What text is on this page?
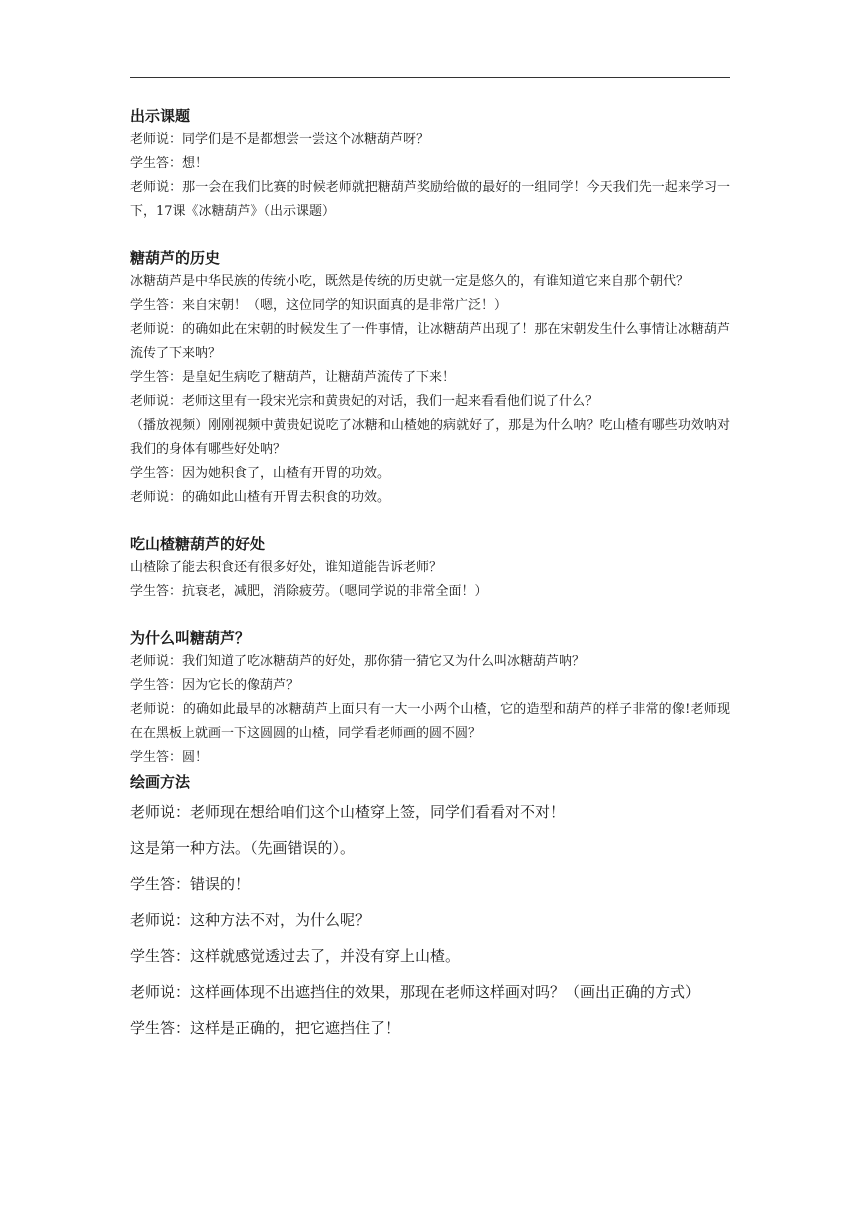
出示课题

老师说：同学们是不是都想尝一尝这个冰糖葫芦呀？

学生答：想！

老师说：那一会在我们比赛的时候老师就把糖葫芦奖励给做的最好的一组同学！今天我们先一起来学习一下，17课《冰糖葫芦》（出示课题）

糖葫芦的历史

冰糖葫芦是中华民族的传统小吃，既然是传统的历史就一定是悠久的，有谁知道它来自那个朝代？

学生答：来自宋朝！（嗯，这位同学的知识面真的是非常广泛！）

老师说：的确如此在宋朝的时候发生了一件事情，让冰糖葫芦出现了！那在宋朝发生什么事情让冰糖葫芦流传了下来呐？

学生答：是皇妃生病吃了糖葫芦，让糖葫芦流传了下来！

老师说：老师这里有一段宋光宗和黄贵妃的对话，我们一起来看看他们说了什么？

（播放视频）刚刚视频中黄贵妃说吃了冰糖和山楂她的病就好了，那是为什么呐？吃山楂有哪些功效呐对我们的身体有哪些好处呐？

学生答：因为她积食了，山楂有开胃的功效。

老师说：的确如此山楂有开胃去积食的功效。

吃山楂糖葫芦的好处

山楂除了能去积食还有很多好处，谁知道能告诉老师？

学生答：抗衰老，减肥，消除疲劳。（嗯同学说的非常全面！）

为什么叫糖葫芦？

老师说：我们知道了吃冰糖葫芦的好处，那你猜一猜它又为什么叫冰糖葫芦呐？

学生答：因为它长的像葫芦？

老师说：的确如此最早的冰糖葫芦上面只有一大一小两个山楂，它的造型和葫芦的样子非常的像!老师现在在黑板上就画一下这圆圆的山楂，同学看老师画的圆不圆？

学生答：圆！

绘画方法

老师说：老师现在想给咱们这个山楂穿上签，同学们看看对不对！

这是第一种方法。（先画错误的）。

学生答：错误的！

老师说：这种方法不对，为什么呢？

学生答：这样就感觉透过去了，并没有穿上山楂。

老师说：这样画体现不出遮挡住的效果，那现在老师这样画对吗？（画出正确的方式）

学生答：这样是正确的，把它遮挡住了！
